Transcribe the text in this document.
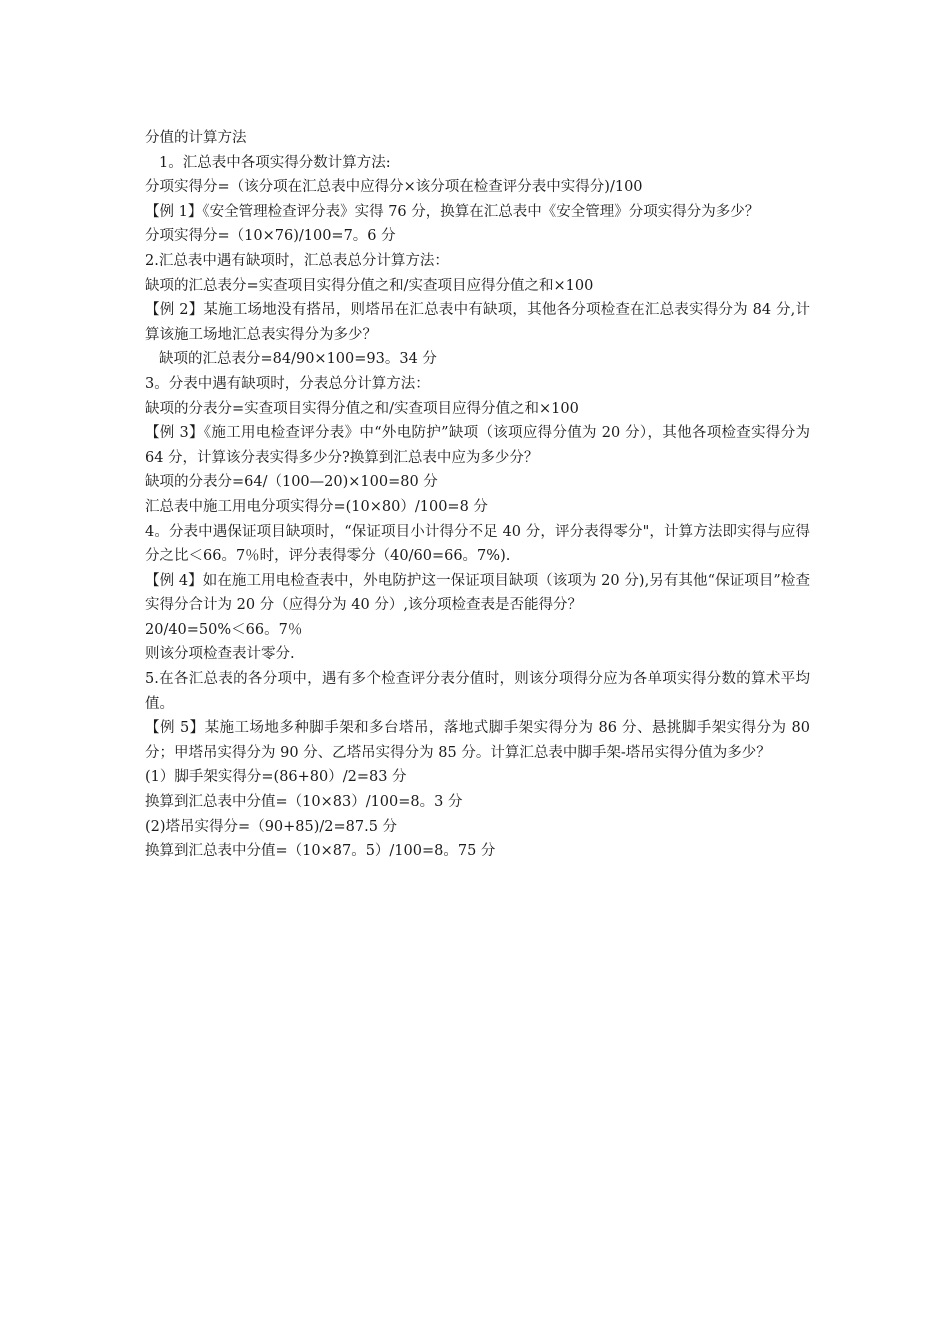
分值的计算方法
1。汇总表中各项实得分数计算方法:
分项实得分=（该分项在汇总表中应得分×该分项在检查评分表中实得分)/100
【例 1】《安全管理检查评分表》实得 76 分，换算在汇总表中《安全管理》分项实得分为多少？
分项实得分=（10×76)/100=7。6 分
2.汇总表中遇有缺项时，汇总表总分计算方法：
缺项的汇总表分=实查项目实得分值之和/实查项目应得分值之和×100
【例 2】某施工场地没有搭吊，则塔吊在汇总表中有缺项，其他各分项检查在汇总表实得分为 84 分,计算该施工场地汇总表实得分为多少？
缺项的汇总表分=84/90×100=93。34 分
3。分表中遇有缺项时，分表总分计算方法：
缺项的分表分=实查项目实得分值之和/实查项目应得分值之和×100
【例 3】《施工用电检查评分表》中“外电防护”缺项（该项应得分值为 20 分），其他各项检查实得分为 64 分，计算该分表实得多少分?换算到汇总表中应为多少分？
缺项的分表分=64/（100—20)×100=80 分
汇总表中施工用电分项实得分=(10×80）/100=8 分
4。分表中遇保证项目缺项时，“保证项目小计得分不足 40 分，评分表得零分"，计算方法即实得与应得分之比＜66。7％时，评分表得零分（40/60=66。7%).
【例 4】如在施工用电检查表中，外电防护这一保证项目缺项（该项为 20 分),另有其他“保证项目”检查实得分合计为 20 分（应得分为 40 分）,该分项检查表是否能得分？
20/40=50%＜66。7％
则该分项检查表计零分.
5.在各汇总表的各分项中，遇有多个检查评分表分值时，则该分项得分应为各单项实得分数的算术平均值。
【例 5】某施工场地多种脚手架和多台塔吊，落地式脚手架实得分为 86 分、悬挑脚手架实得分为 80 分；甲塔吊实得分为 90 分、乙塔吊实得分为 85 分。计算汇总表中脚手架-塔吊实得分值为多少？
(1）脚手架实得分=(86+80）/2=83 分
换算到汇总表中分值=（10×83）/100=8。3 分
(2)塔吊实得分=（90+85)/2=87.5 分
换算到汇总表中分值=（10×87。5）/100=8。75 分
